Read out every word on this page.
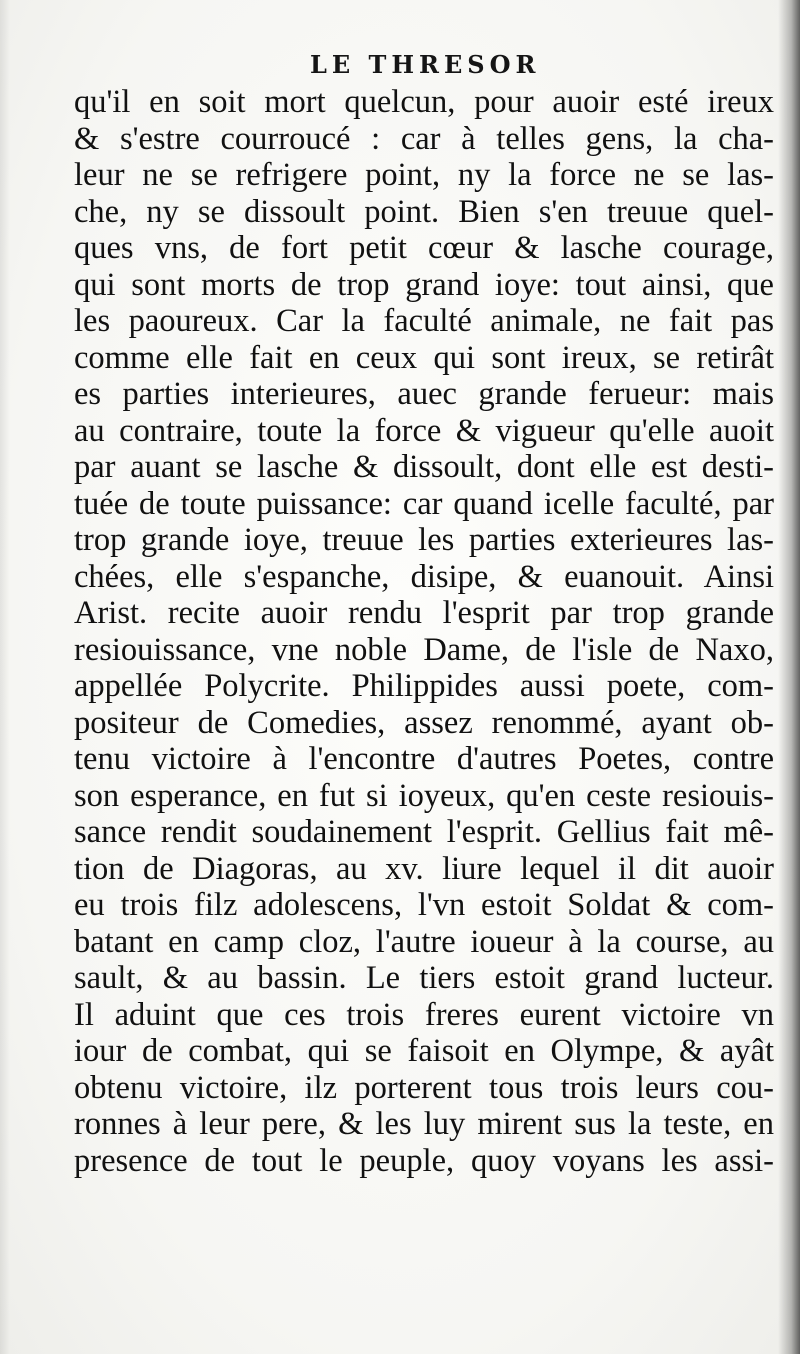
LE THRESOR
qu'il en soit mort quelcun, pour auoir esté ireux
& s'estre courroucé : car à telles gens, la cha-
leur ne se refrigere point, ny la force ne se las-
che, ny se dissoult point. Bien s'en treuue quel-
ques vns, de fort petit cœur & lasche courage,
qui sont morts de trop grand ioye: tout ainsi, que
les paoureux. Car la faculté animale, ne fait pas
comme elle fait en ceux qui sont ireux, se retirât
es parties interieures, auec grande ferueur: mais
au contraire, toute la force & vigueur qu'elle auoit
par auant se lasche & dissoult, dont elle est desti-
tuée de toute puissance: car quand icelle faculté, par
trop grande ioye, treuue les parties exterieures las-
chées, elle s'espanche, disipe, & euanouit. Ainsi
Arist. recite auoir rendu l'esprit par trop grande
resiouissance, vne noble Dame, de l'isle de Naxo,
appellée Polycrite. Philippides aussi poete, com-
positeur de Comedies, assez renommé, ayant ob-
tenu victoire à l'encontre d'autres Poetes, contre
son esperance, en fut si ioyeux, qu'en ceste resiouis-
sance rendit soudainement l'esprit. Gellius fait mê-
tion de Diagoras, au xv. liure lequel il dit auoir
eu trois filz adolescens, l'vn estoit Soldat & com-
batant en camp cloz, l'autre ioueur à la course, au
sault, & au bassin. Le tiers estoit grand lucteur.
Il aduint que ces trois freres eurent victoire vn
iour de combat, qui se faisoit en Olympe, & ayât
obtenu victoire, ilz porterent tous trois leurs cou-
ronnes à leur pere, & les luy mirent sus la teste, en
presence de tout le peuple, quoy voyans les assi-
